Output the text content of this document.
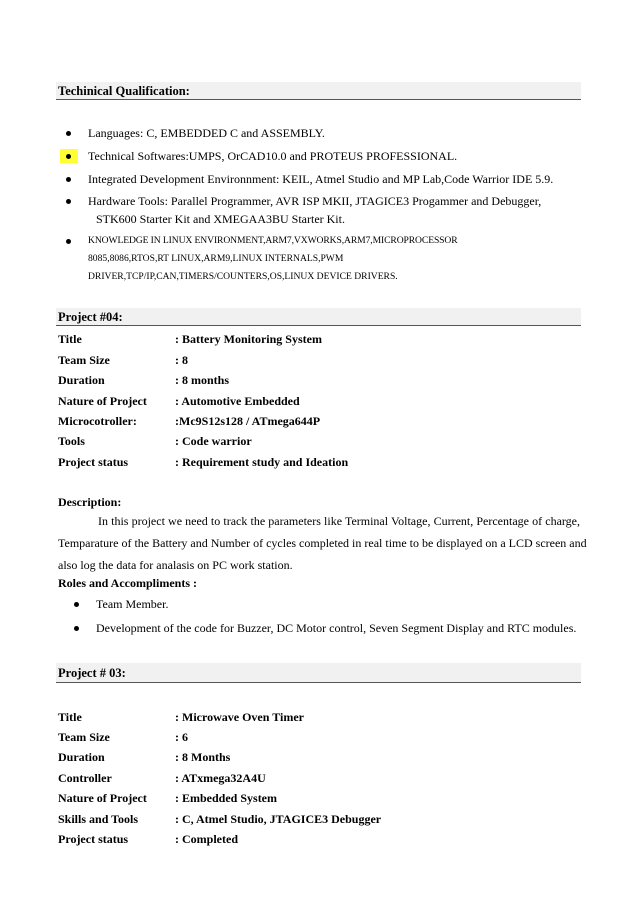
Techinical Qualification:
Languages: C, EMBEDDED C and ASSEMBLY.
Technical Softwares:UMPS, OrCAD10.0 and PROTEUS PROFESSIONAL.
Integrated Development Environnment: KEIL, Atmel Studio and MP Lab,Code Warrior IDE 5.9.
Hardware Tools: Parallel Programmer, AVR ISP MKII, JTAGICE3 Progammer and Debugger,
STK600 Starter Kit and XMEGAA3BU Starter Kit.
KNOWLEDGE IN LINUX ENVIRONMENT,ARM7,VXWORKS,ARM7,MICROPROCESSOR
8085,8086,RTOS,RT LINUX,ARM9,LINUX INTERNALS,PWM
DRIVER,TCP/IP,CAN,TIMERS/COUNTERS,OS,LINUX DEVICE DRIVERS.
Project #04:
Title	: Battery Monitoring System
Team Size	: 8
Duration	: 8 months
Nature of Project : Automotive Embedded
Microcotroller:	:Mc9S12s128 / ATmega644P
Tools	: Code warrior
Project status	: Requirement study and Ideation
Description:
In this project we need to track the parameters like Terminal Voltage, Current, Percentage of charge,
Temparature of the Battery and Number of cycles completed in real time to be displayed on a LCD screen and
also log the data for analasis on PC work station.
Roles and Accompliments :
Team Member.
Development of the code for Buzzer, DC Motor control, Seven Segment Display and RTC modules.
Project # 03:
Title	: Microwave Oven Timer
Team Size	: 6
Duration	: 8 Months
Controller	: ATxmega32A4U
Nature of Project : Embedded System
Skills and Tools	: C, Atmel Studio, JTAGICE3 Debugger
Project status	: Completed
